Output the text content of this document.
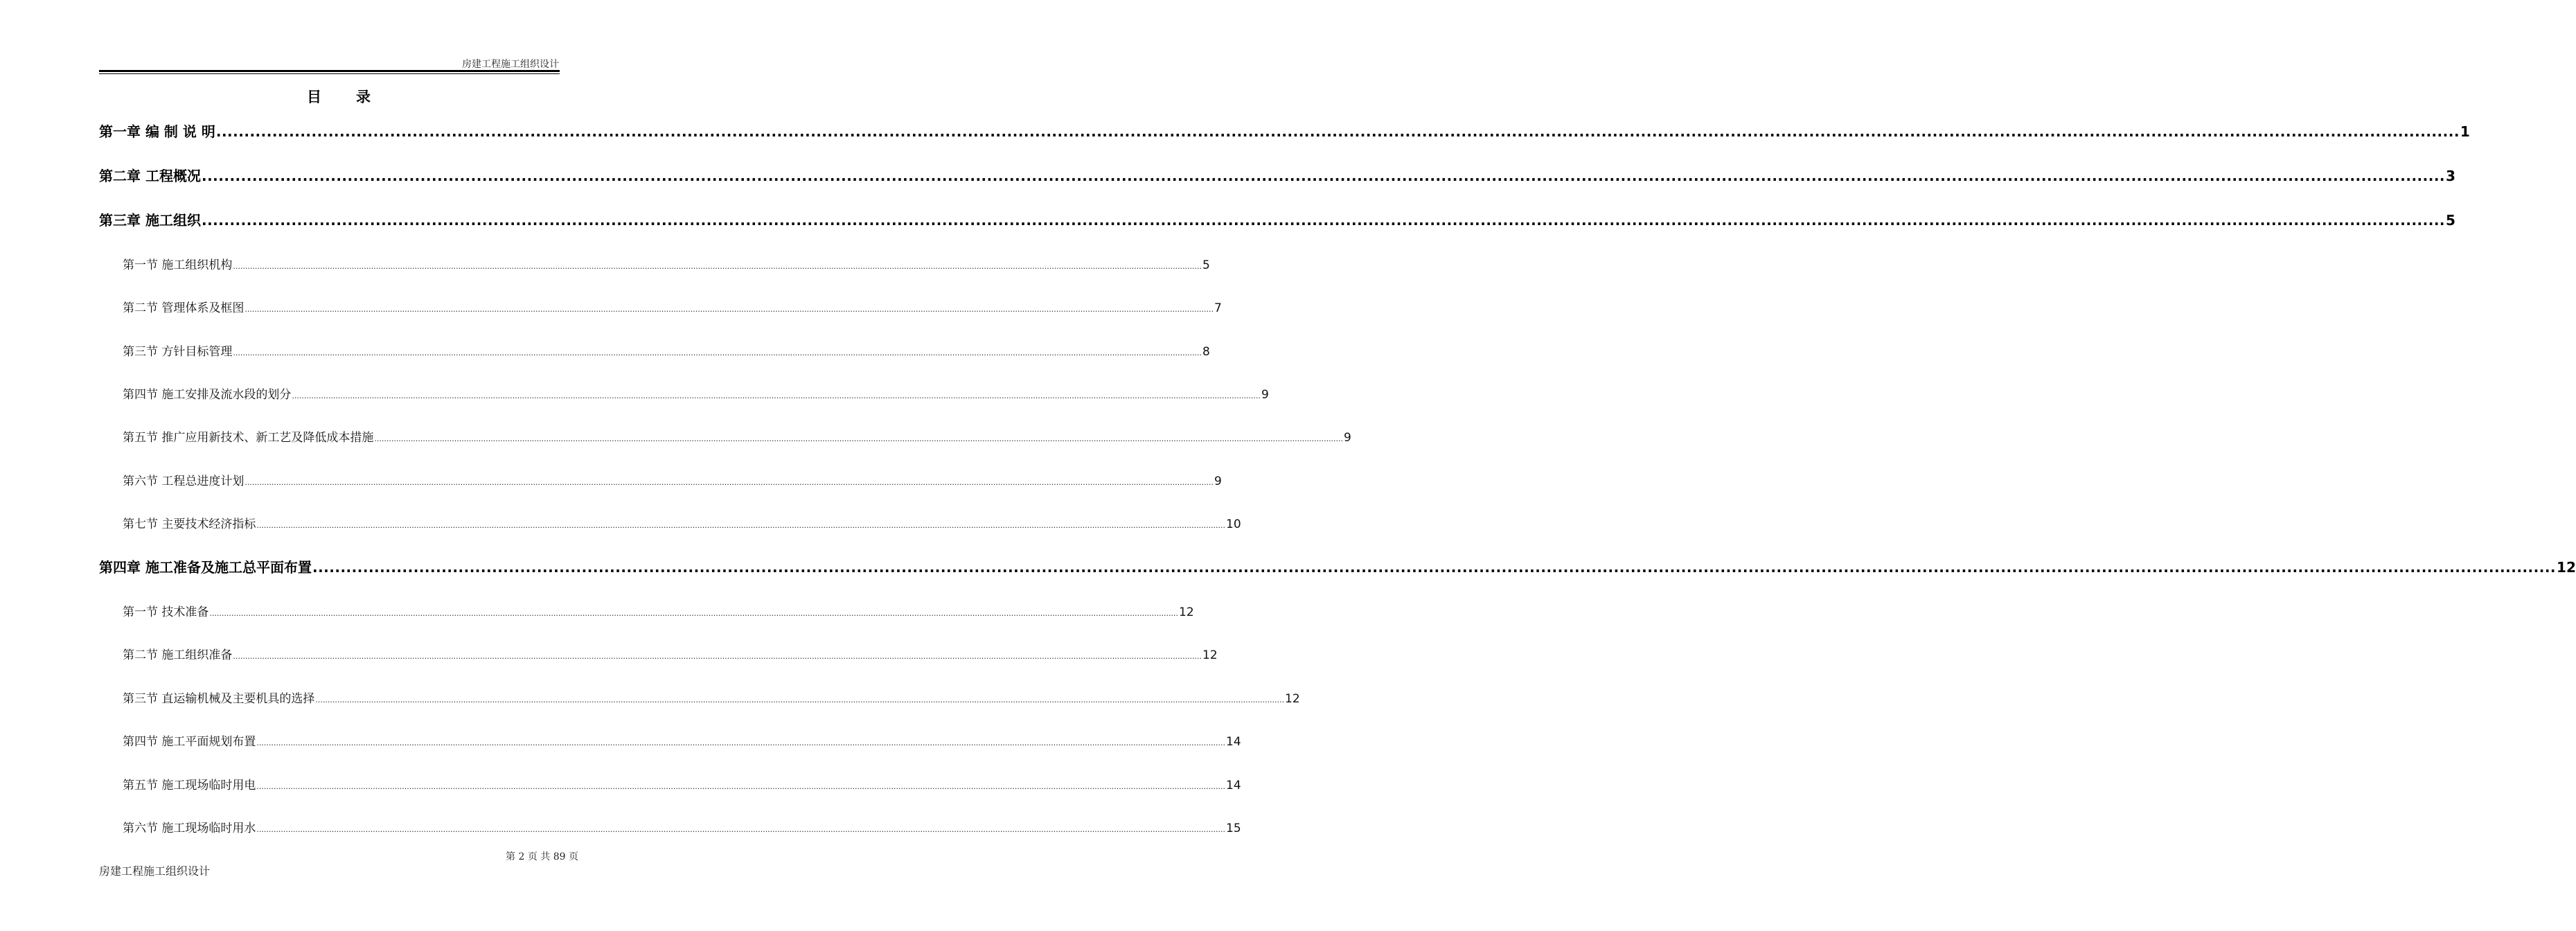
房建工程施工组织设计
目 录
第一章 编 制 说 明 ................................................................................................................................................................................................................................................................................................................................................................................................................ 1
第二章 工程概况 ................................................................................................................................................................................................................................................................................................................................................................................................................ 3
第三章 施工组织 ................................................................................................................................................................................................................................................................................................................................................................................................................ 5
第一节 施工组织机构 ................................................................................................................................................................................................................................................................................................................................................................................................................ 5
第二节 管理体系及框图 ................................................................................................................................................................................................................................................................................................................................................................................................................ 7
第三节 方针目标管理 ................................................................................................................................................................................................................................................................................................................................................................................................................ 8
第四节 施工安排及流水段的划分 ................................................................................................................................................................................................................................................................................................................................................................................................................ 9
第五节 推广应用新技术、新工艺及降低成本措施 ................................................................................................................................................................................................................................................................................................................................................................................................................ 9
第六节 工程总进度计划 ................................................................................................................................................................................................................................................................................................................................................................................................................ 9
第七节 主要技术经济指标 ................................................................................................................................................................................................................................................................................................................................................................................................................ 10
第四章 施工准备及施工总平面布置 ................................................................................................................................................................................................................................................................................................................................................................................................................ 12
第一节 技术准备 ................................................................................................................................................................................................................................................................................................................................................................................................................ 12
第二节 施工组织准备 ................................................................................................................................................................................................................................................................................................................................................................................................................ 12
第三节 直运输机械及主要机具的选择 ................................................................................................................................................................................................................................................................................................................................................................................................................ 12
第四节 施工平面规划布置 ................................................................................................................................................................................................................................................................................................................................................................................................................ 14
第五节 施工现场临时用电 ................................................................................................................................................................................................................................................................................................................................................................................................................ 14
第六节 施工现场临时用水 ................................................................................................................................................................................................................................................................................................................................................................................................................ 15
第 2 页 共 89 页
房建工程施工组织设计
